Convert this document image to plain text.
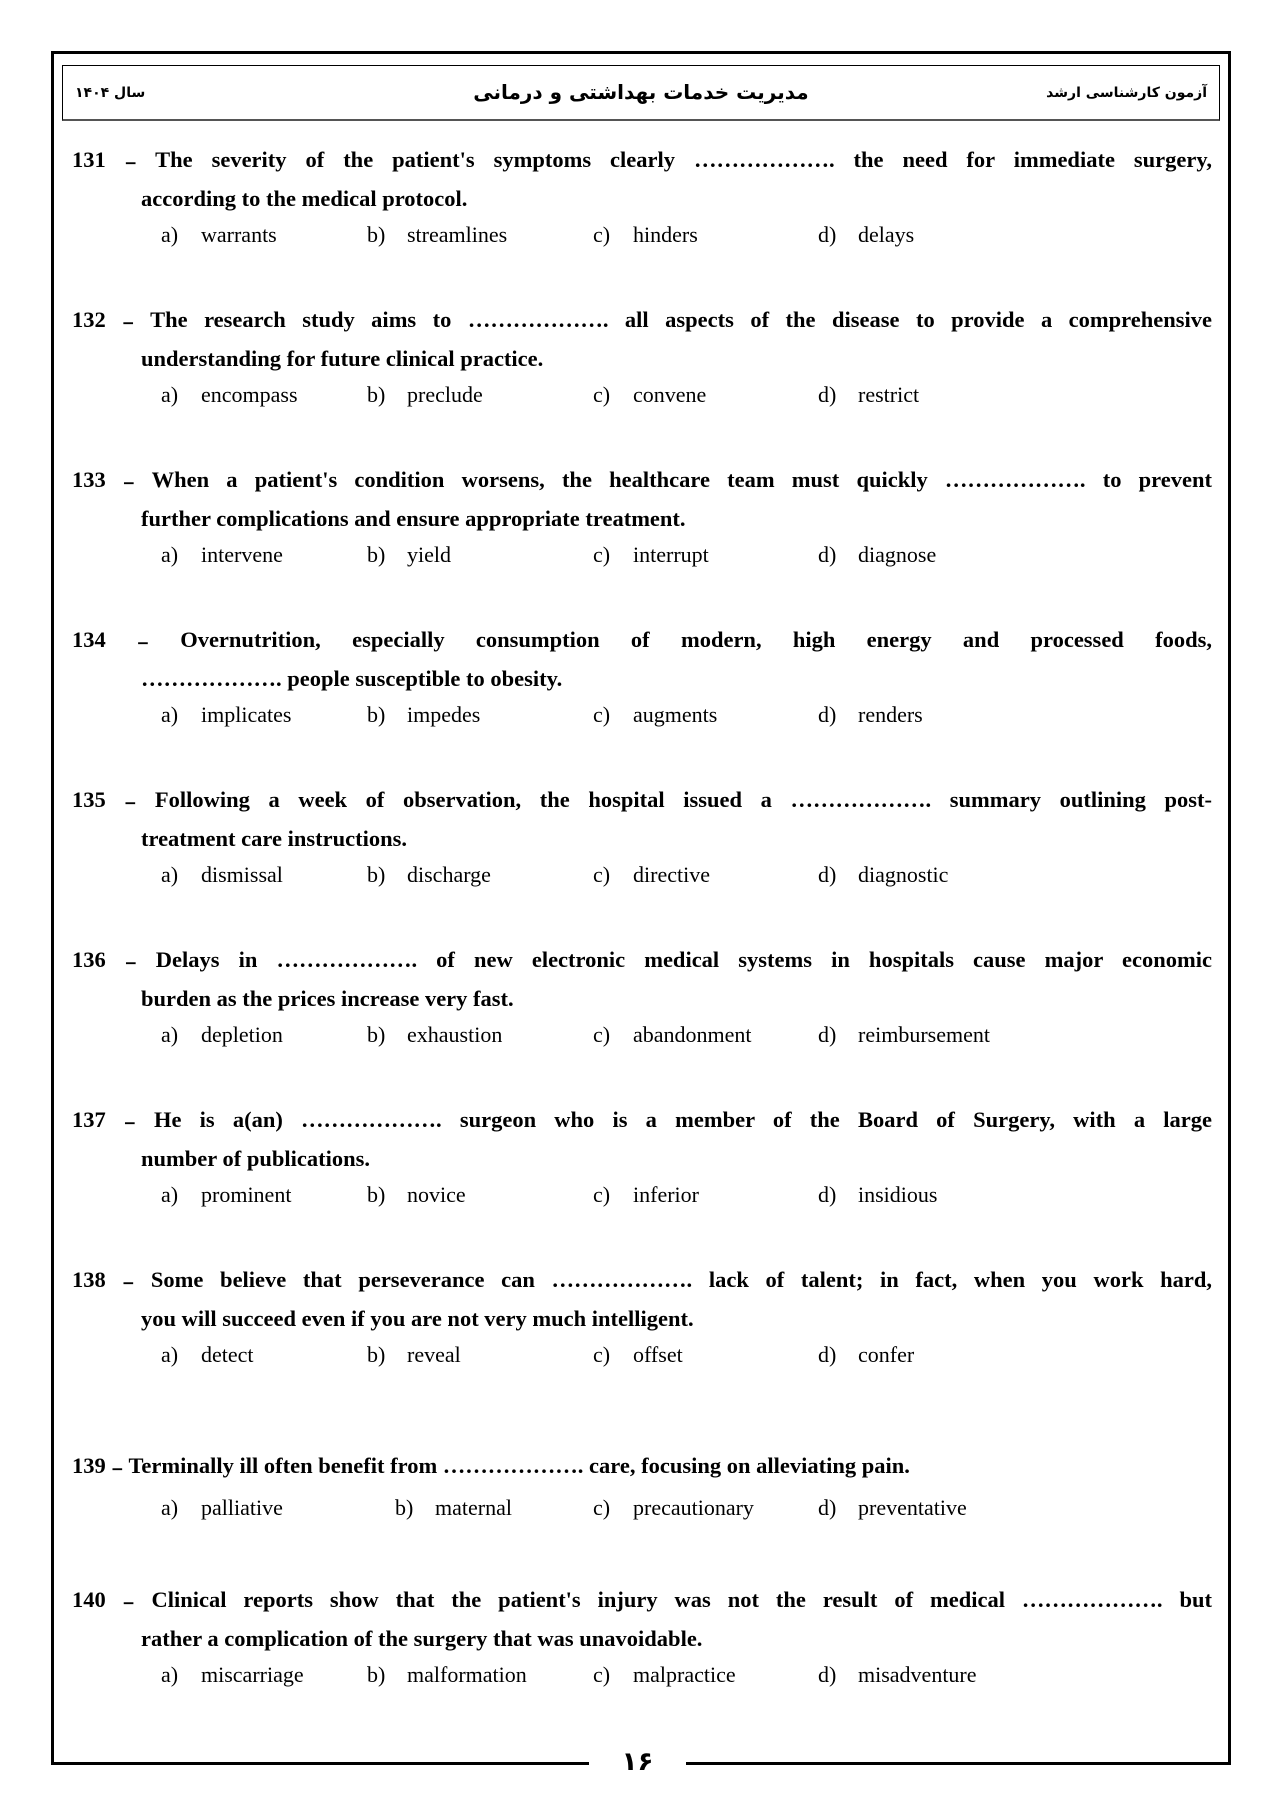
آزمون کارشناسی ارشد
مدیریت خدمات بهداشتی و درمانی
سال ۱۴۰۴
131 ₋ The severity of the patient's symptoms clearly ………………. the need for immediate surgery,
according to the medical protocol.
a) warrants	b) streamlines	c) hinders	d) delays
132 ₋ The research study aims to ………………. all aspects of the disease to provide a comprehensive
understanding for future clinical practice.
a) encompass	b) preclude	c) convene	d) restrict
133 ₋ When a patient's condition worsens, the healthcare team must quickly ………………. to prevent
further complications and ensure appropriate treatment.
a) intervene	b) yield	c) interrupt	d) diagnose
134 ₋ Overnutrition, especially consumption of modern, high energy and processed foods,
………………. people susceptible to obesity.
a) implicates	b) impedes	c) augments	d) renders
135 ₋ Following a week of observation, the hospital issued a ………………. summary outlining post-
treatment care instructions.
a) dismissal	b) discharge	c) directive	d) diagnostic
136 ₋ Delays in ………………. of new electronic medical systems in hospitals cause major economic
burden as the prices increase very fast.
a) depletion	b) exhaustion	c) abandonment	d) reimbursement
137 ₋ He is a(an) ………………. surgeon who is a member of the Board of Surgery, with a large
number of publications.
a) prominent	b) novice	c) inferior	d) insidious
138 ₋ Some believe that perseverance can ………………. lack of talent; in fact, when you work hard,
you will succeed even if you are not very much intelligent.
a) detect	b) reveal	c) offset	d) confer
139 ₋ Terminally ill often benefit from ………………. care, focusing on alleviating pain.
a) palliative	b) maternal	c) precautionary	d) preventative
140 ₋ Clinical reports show that the patient's injury was not the result of medical ………………. but
rather a complication of the surgery that was unavoidable.
a) miscarriage	b) malformation	c) malpractice	d) misadventure
۱۶
